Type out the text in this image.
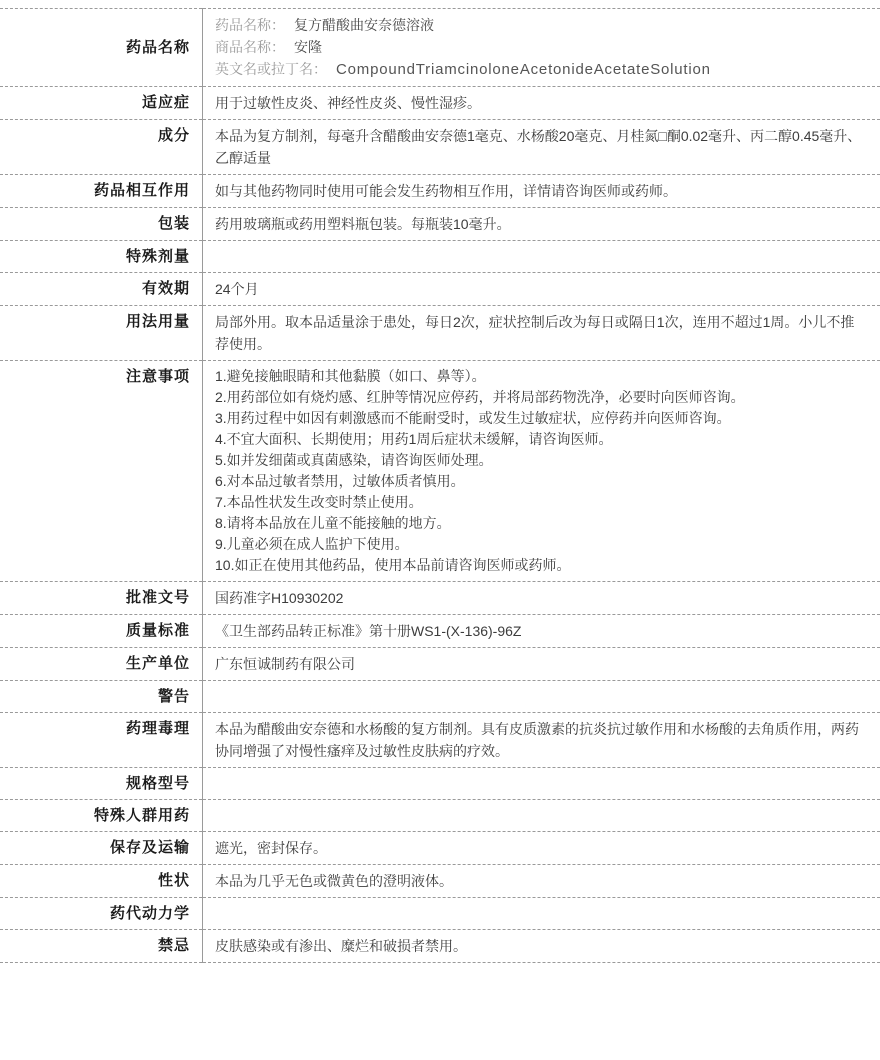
药品名称	
药品名称： 复方醋酸曲安奈德溶液
商品名称： 安隆
英文名或拉丁名： CompoundTriamcinoloneAcetonideAcetateSolution

适应症	用于过敏性皮炎、神经性皮炎、慢性湿疹。
成分	本品为复方制剂，每毫升含醋酸曲安奈德1毫克、水杨酸20毫克、月桂氮□酮0.02毫升、丙二醇0.45毫升、乙醇适量
药品相互作用	如与其他药物同时使用可能会发生药物相互作用，详情请咨询医师或药师。
包装	药用玻璃瓶或药用塑料瓶包装。每瓶装10毫升。
特殊剂量	
有效期	24个月
用法用量	局部外用。取本品适量涂于患处，每日2次，症状控制后改为每日或隔日1次，连用不超过1周。小儿不推荐使用。
注意事项	1.避免接触眼睛和其他黏膜（如口、鼻等）。
2.用药部位如有烧灼感、红肿等情况应停药，并将局部药物洗净，必要时向医师咨询。
3.用药过程中如因有刺激感而不能耐受时，或发生过敏症状，应停药并向医师咨询。
4.不宜大面积、长期使用；用药1周后症状未缓解，请咨询医师。
5.如并发细菌或真菌感染，请咨询医师处理。
6.对本品过敏者禁用，过敏体质者慎用。
7.本品性状发生改变时禁止使用。
8.请将本品放在儿童不能接触的地方。
9.儿童必须在成人监护下使用。
10.如正在使用其他药品，使用本品前请咨询医师或药师。

批准文号	国药准字H10930202
质量标准	《卫生部药品转正标准》第十册WS1-(X-136)-96Z
生产单位	广东恒诚制药有限公司
警告	
药理毒理	本品为醋酸曲安奈德和水杨酸的复方制剂。具有皮质激素的抗炎抗过敏作用和水杨酸的去角质作用，两药协同增强了对慢性瘙痒及过敏性皮肤病的疗效。
规格型号	
特殊人群用药	
保存及运输	遮光，密封保存。
性状	本品为几乎无色或微黄色的澄明液体。
药代动力学	
禁忌	皮肤感染或有渗出、糜烂和破损者禁用。
